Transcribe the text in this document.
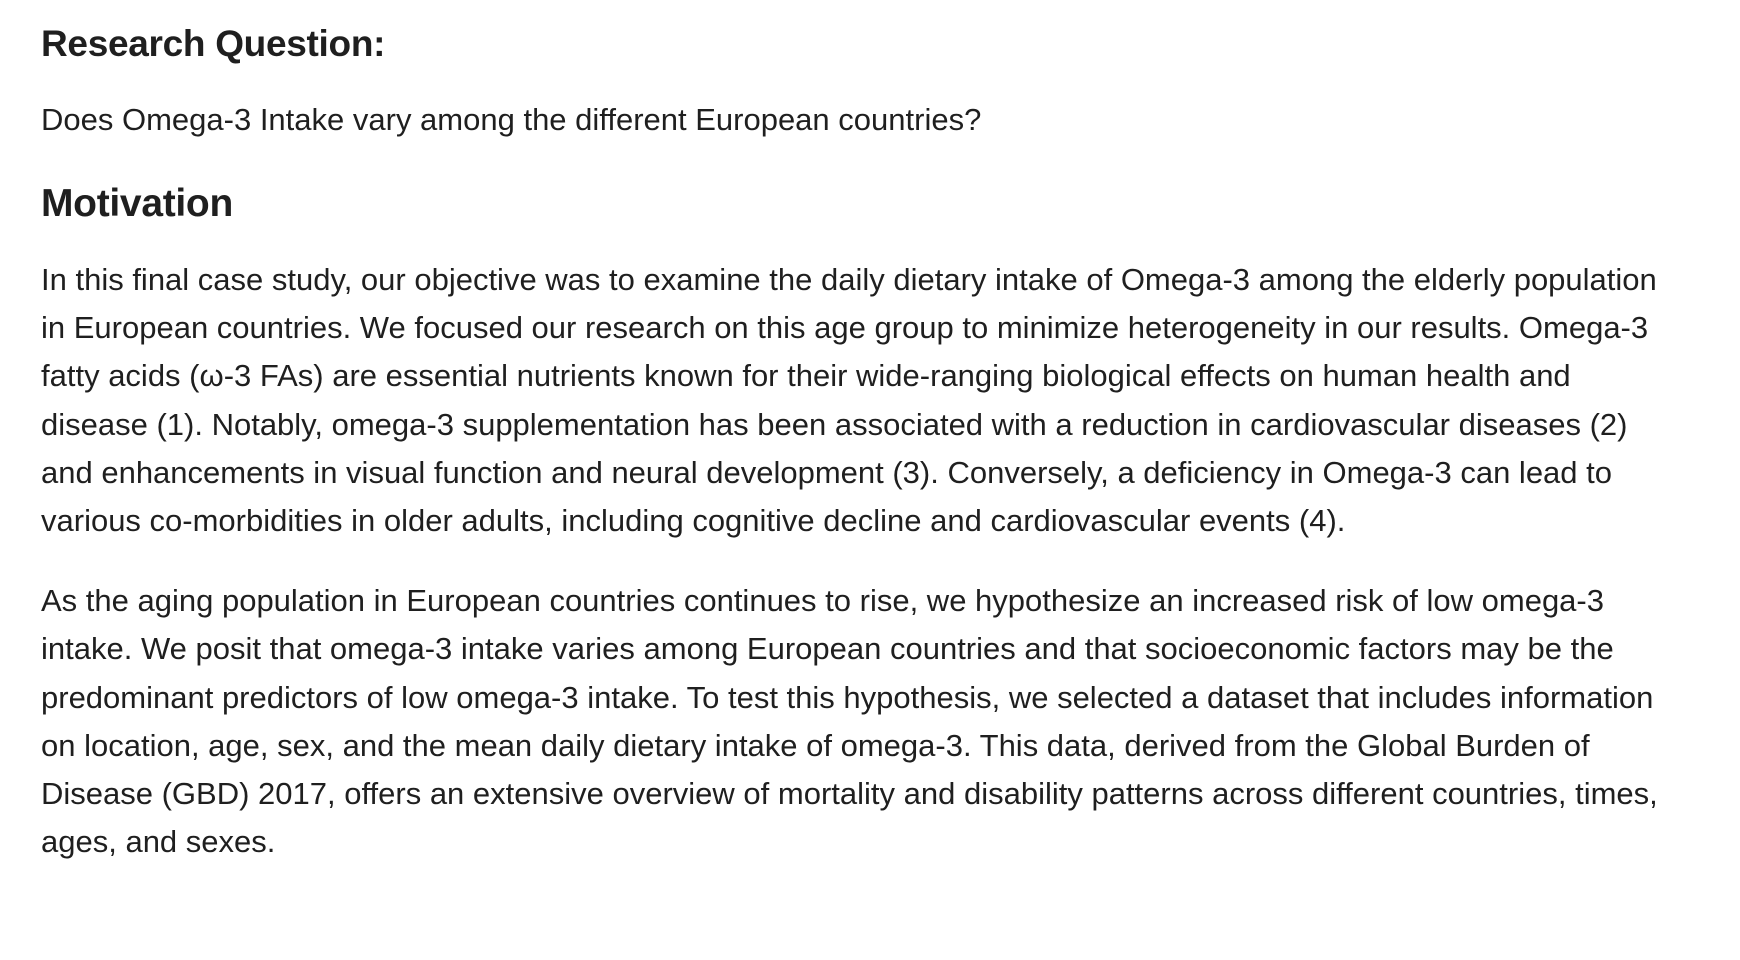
Research Question:

Does Omega-3 Intake vary among the different European countries?

Motivation

In this final case study, our objective was to examine the daily dietary intake of Omega-3 among the elderly population in European countries. We focused our research on this age group to minimize heterogeneity in our results. Omega-3 fatty acids (ω-3 FAs) are essential nutrients known for their wide-ranging biological effects on human health and disease (1). Notably, omega-3 supplementation has been associated with a reduction in cardiovascular diseases (2) and enhancements in visual function and neural development (3). Conversely, a deficiency in Omega-3 can lead to various co-morbidities in older adults, including cognitive decline and cardiovascular events (4).

As the aging population in European countries continues to rise, we hypothesize an increased risk of low omega-3 intake. We posit that omega-3 intake varies among European countries and that socioeconomic factors may be the predominant predictors of low omega-3 intake. To test this hypothesis, we selected a dataset that includes information on location, age, sex, and the mean daily dietary intake of omega-3. This data, derived from the Global Burden of Disease (GBD) 2017, offers an extensive overview of mortality and disability patterns across different countries, times, ages, and sexes.
